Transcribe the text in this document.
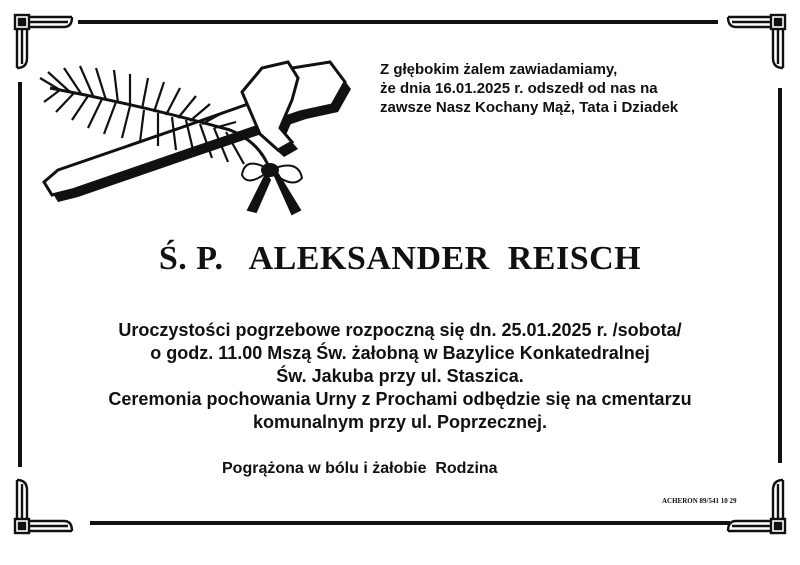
Z głębokim żalem zawiadamiamy,
że dnia 16.01.2025 r. odszedł od nas na
zawsze Nasz Kochany Mąż, Tata i Dziadek
Ś. P.   ALEKSANDER  REISCH
Uroczystości pogrzebowe rozpoczną się dn. 25.01.2025 r. /sobota/
o godz. 11.00 Mszą Św. żałobną w Bazylice Konkatedralnej
Św. Jakuba przy ul. Staszica.
Ceremonia pochowania Urny z Prochami odbędzie się na cmentarzu
komunalnym przy ul. Poprzecznej.
Pogrążona w bólu i żałobie  Rodzina
ACHERON 89/541 10 29
